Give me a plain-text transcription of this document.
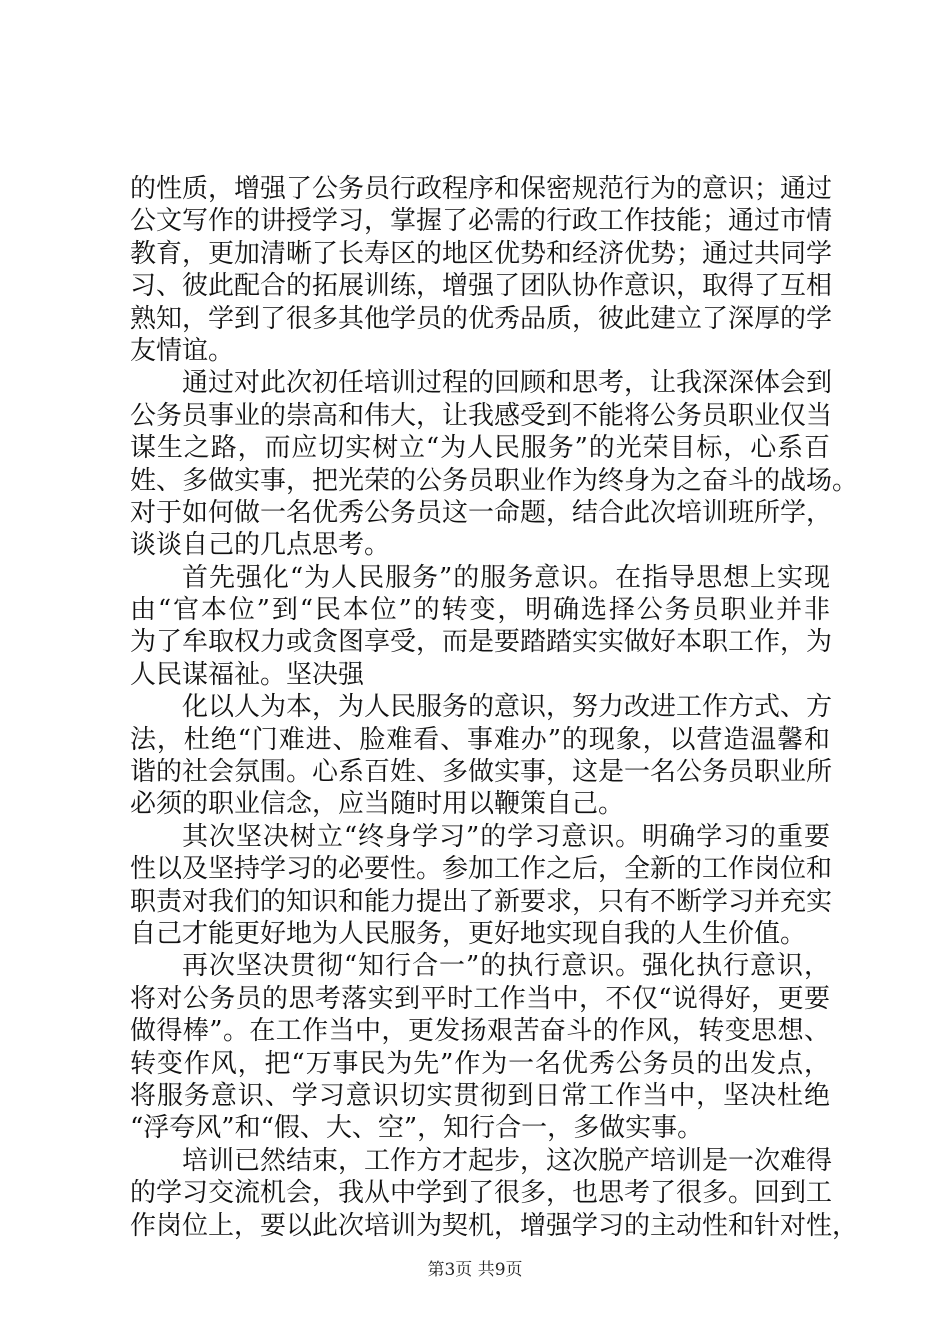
的性质，增强了公务员行政程序和保密规范行为的意识；通过
公文写作的讲授学习，掌握了必需的行政工作技能；通过市情
教育，更加清晰了长寿区的地区优势和经济优势；通过共同学
习、彼此配合的拓展训练，增强了团队协作意识，取得了互相
熟知，学到了很多其他学员的优秀品质，彼此建立了深厚的学
友情谊。
通过对此次初任培训过程的回顾和思考，让我深深体会到
公务员事业的崇高和伟大，让我感受到不能将公务员职业仅当
谋生之路，而应切实树立“为人民服务”的光荣目标，心系百
姓、多做实事，把光荣的公务员职业作为终身为之奋斗的战场。
对于如何做一名优秀公务员这一命题，结合此次培训班所学，
谈谈自己的几点思考。
首先强化“为人民服务”的服务意识。在指导思想上实现
由“官本位”到“民本位”的转变，明确选择公务员职业并非
为了牟取权力或贪图享受，而是要踏踏实实做好本职工作，为
人民谋福祉。坚决强
化以人为本，为人民服务的意识，努力改进工作方式、方
法，杜绝“门难进、脸难看、事难办”的现象，以营造温馨和
谐的社会氛围。心系百姓、多做实事，这是一名公务员职业所
必须的职业信念，应当随时用以鞭策自己。
其次坚决树立“终身学习”的学习意识。明确学习的重要
性以及坚持学习的必要性。参加工作之后，全新的工作岗位和
职责对我们的知识和能力提出了新要求，只有不断学习并充实
自己才能更好地为人民服务，更好地实现自我的人生价值。
再次坚决贯彻“知行合一”的执行意识。强化执行意识，
将对公务员的思考落实到平时工作当中，不仅“说得好，更要
做得棒”。在工作当中，更发扬艰苦奋斗的作风，转变思想、
转变作风，把“万事民为先”作为一名优秀公务员的出发点，
将服务意识、学习意识切实贯彻到日常工作当中，坚决杜绝
“浮夸风”和“假、大、空”，知行合一，多做实事。
培训已然结束，工作方才起步，这次脱产培训是一次难得
的学习交流机会，我从中学到了很多，也思考了很多。回到工
作岗位上，要以此次培训为契机，增强学习的主动性和针对性，
第3页 共9页
